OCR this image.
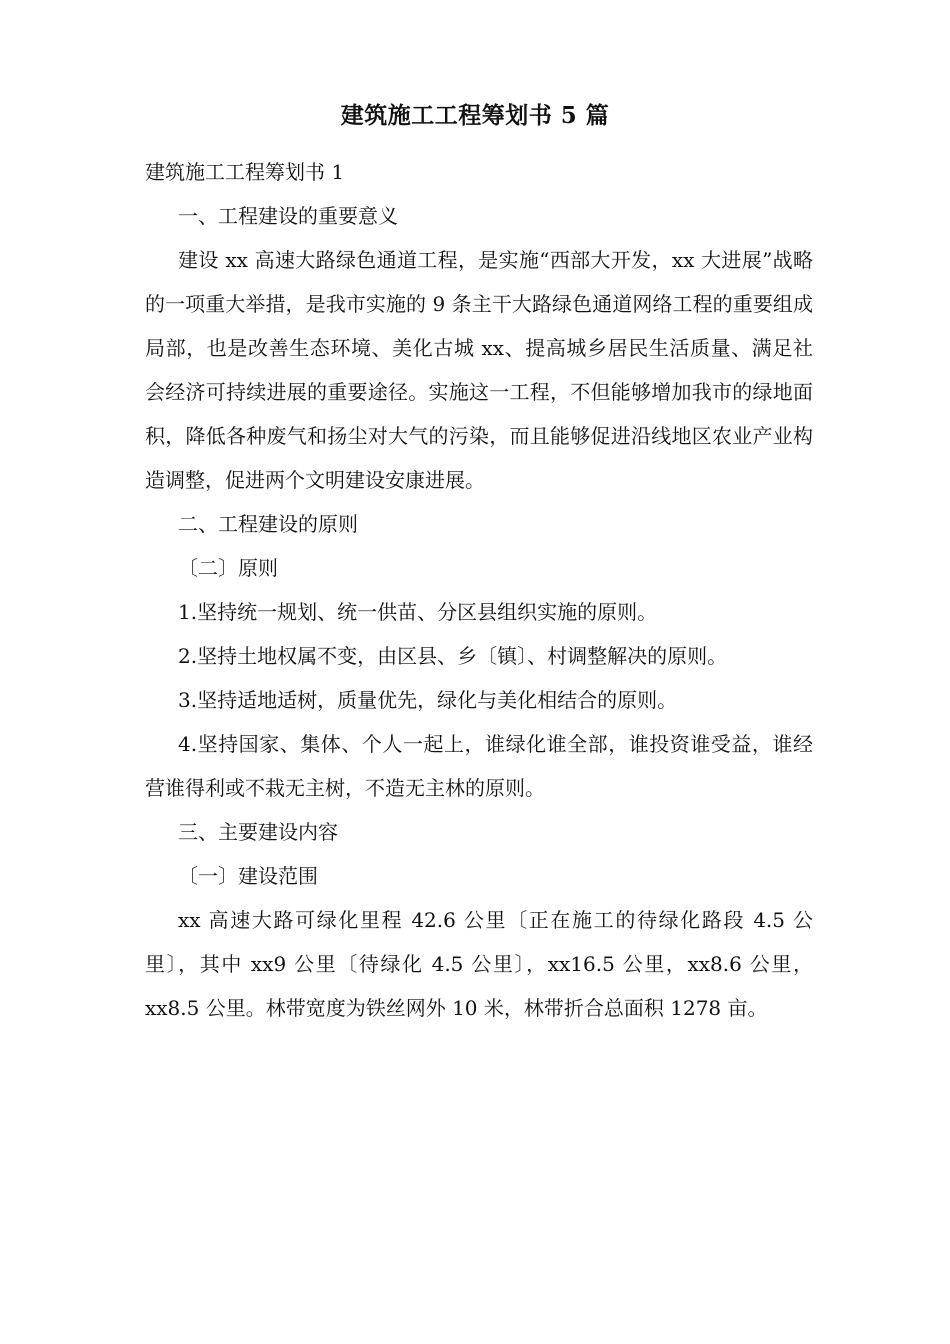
建筑施工工程筹划书 5 篇

建筑施工工程筹划书 1

一、工程建设的重要意义

建设 xx 高速大路绿色通道工程，是实施“西部大开发，xx 大进展”战略的一项重大举措，是我市实施的 9 条主干大路绿色通道网络工程的重要组成局部，也是改善生态环境、美化古城 xx、提高城乡居民生活质量、满足社会经济可持续进展的重要途径。实施这一工程，不但能够增加我市的绿地面积，降低各种废气和扬尘对大气的污染，而且能够促进沿线地区农业产业构造调整，促进两个文明建设安康进展。

二、工程建设的原则

〔二〕原则

1.坚持统一规划、统一供苗、分区县组织实施的原则。

2.坚持土地权属不变，由区县、乡〔镇〕、村调整解决的原则。

3.坚持适地适树，质量优先，绿化与美化相结合的原则。

4.坚持国家、集体、个人一起上，谁绿化谁全部，谁投资谁受益，谁经营谁得利或不栽无主树，不造无主林的原则。

三、主要建设内容

〔一〕建设范围

xx 高速大路可绿化里程 42.6 公里〔正在施工的待绿化路段 4.5 公里〕，其中 xx9 公里〔待绿化 4.5 公里〕，xx16.5 公里，xx8.6 公里， xx8.5 公里。林带宽度为铁丝网外 10 米，林带折合总面积 1278 亩。
